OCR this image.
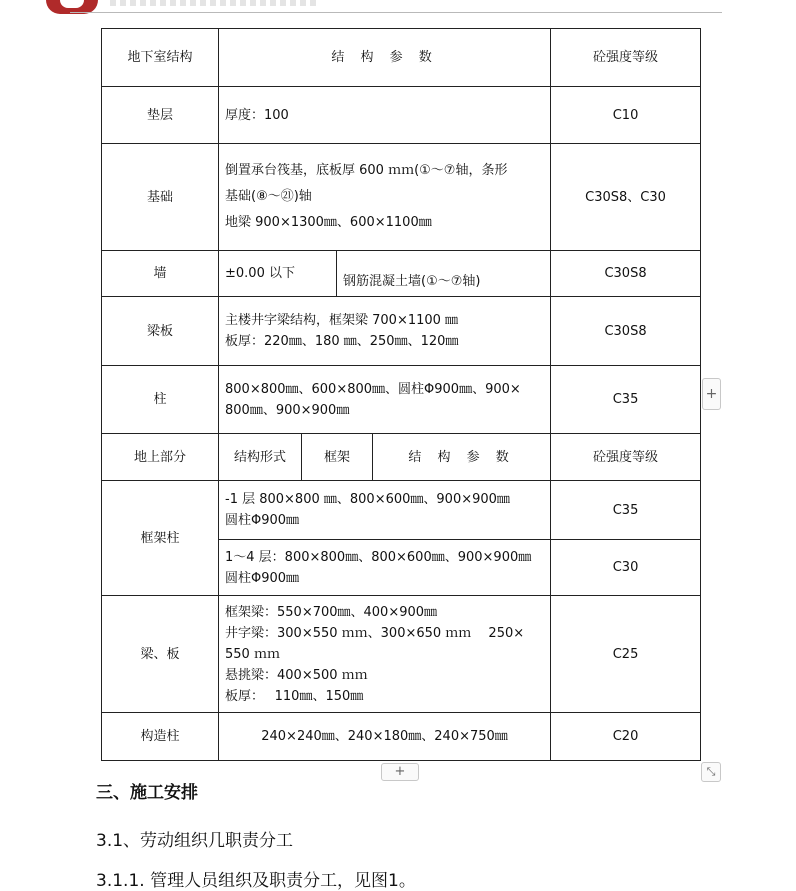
地下室结构	结 构 参 数				砼强度等级
垫层	厚度：100				C10
基础	倒置承台筏基，底板厚 600 ｍｍ(①～⑦轴，条形
基础(⑧～㉑)轴
地梁 900×1300㎜、600×1100㎜				C30S8、C30
墙	±0.00 以下		钢筋混凝土墙(①～⑦轴)		C30S8
梁板	主楼井字梁结构，框架梁 700×1100 ㎜
板厚：220㎜、180 ㎜、250㎜、120㎜				C30S8
柱	800×800㎜、600×800㎜、圆柱Φ900㎜、900×
800㎜、900×900㎜				C35
地上部分	结构形式	框架		结 构 参 数	砼强度等级
框架柱	-1 层 800×800 ㎜、800×600㎜、900×900㎜
圆柱Φ900㎜				C35

	1～4 层：800×800㎜、800×600㎜、900×900㎜
圆柱Φ900㎜				C30
梁、板	框架梁：550×700㎜、400×900㎜
井字梁：300×550 ｍｍ、300×650 ｍｍ　 250×
550 ｍｍ
悬挑梁：400×500 ｍｍ
板厚：　 110㎜、150㎜				C25
构造柱	240×240㎜、240×180㎜、240×750㎜				C20
+
+	⤡
三、施工安排
3.1、劳动组织几职责分工
3.1.1. 管理人员组织及职责分工，见图1。
